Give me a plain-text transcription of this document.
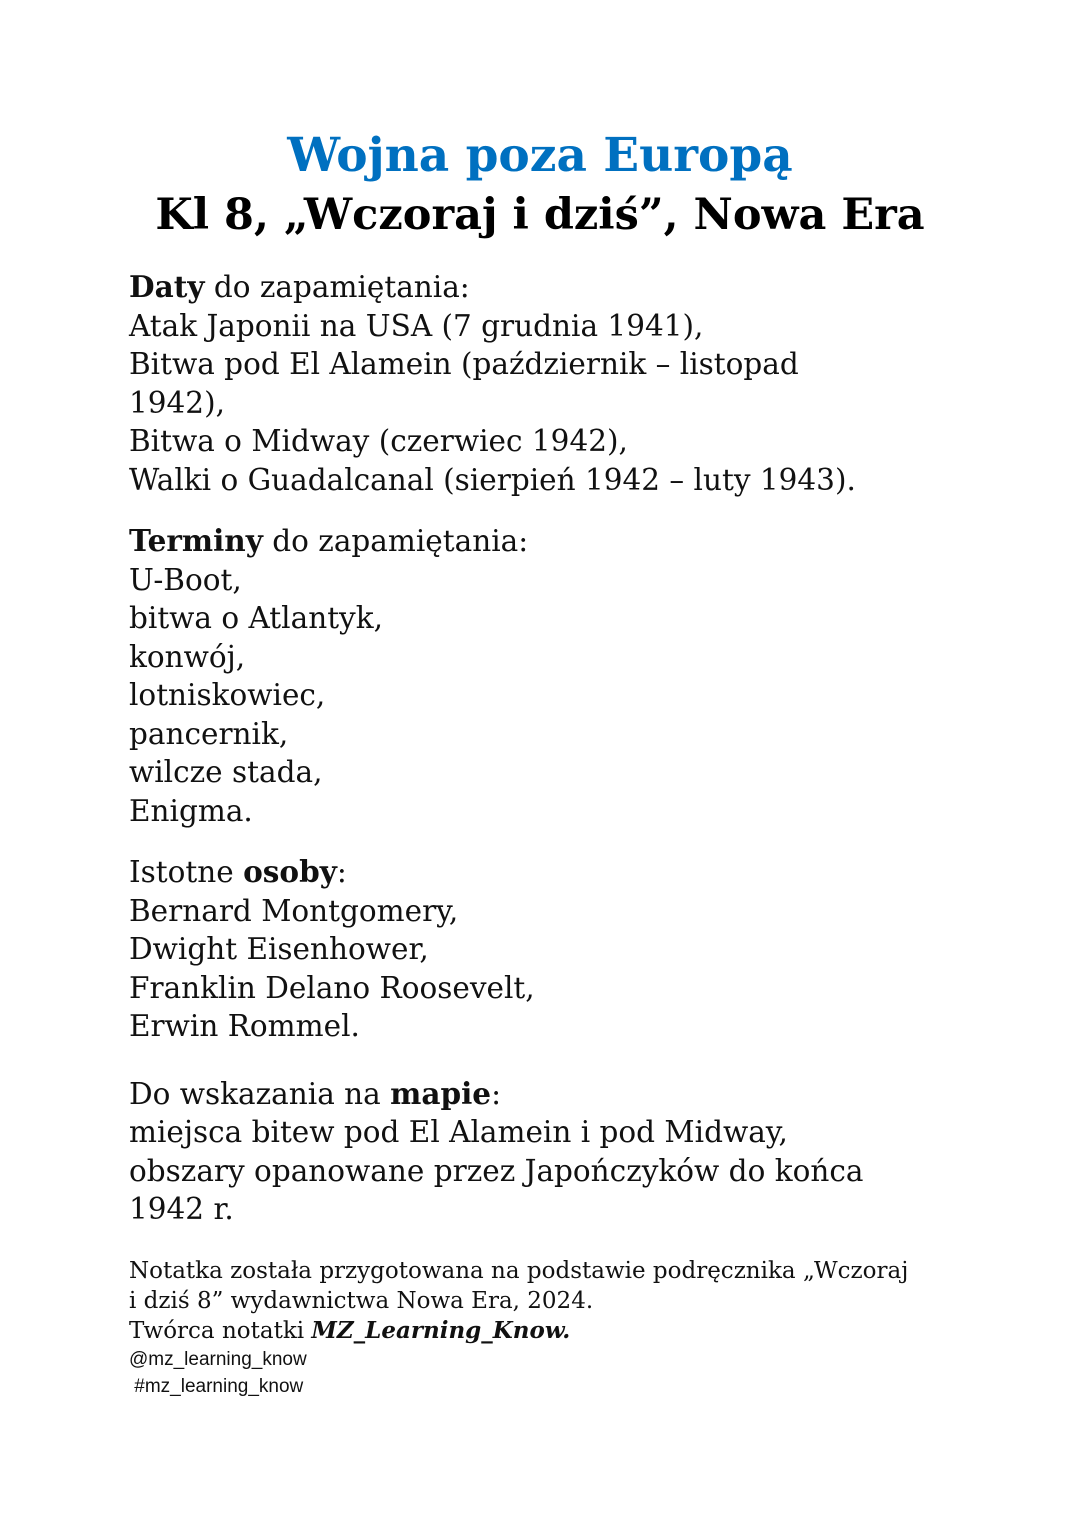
Wojna poza Europą
Kl 8, „Wczoraj i dziś”, Nowa Era
Daty do zapamiętania:
Atak Japonii na USA (7 grudnia 1941),
Bitwa pod El Alamein (październik – listopad
1942),
Bitwa o Midway (czerwiec 1942),
Walki o Guadalcanal (sierpień 1942 – luty 1943).
Terminy do zapamiętania:
U-Boot,
bitwa o Atlantyk,
konwój,
lotniskowiec,
pancernik,
wilcze stada,
Enigma.
Istotne osoby:
Bernard Montgomery,
Dwight Eisenhower,
Franklin Delano Roosevelt,
Erwin Rommel.
Do wskazania na mapie:
miejsca bitew pod El Alamein i pod Midway,
obszary opanowane przez Japończyków do końca
1942 r.
Notatka została przygotowana na podstawie podręcznika „Wczoraj
i dziś 8” wydawnictwa Nowa Era, 2024.
Twórca notatki MZ_Learning_Know.
@mz_learning_know
#mz_learning_know
